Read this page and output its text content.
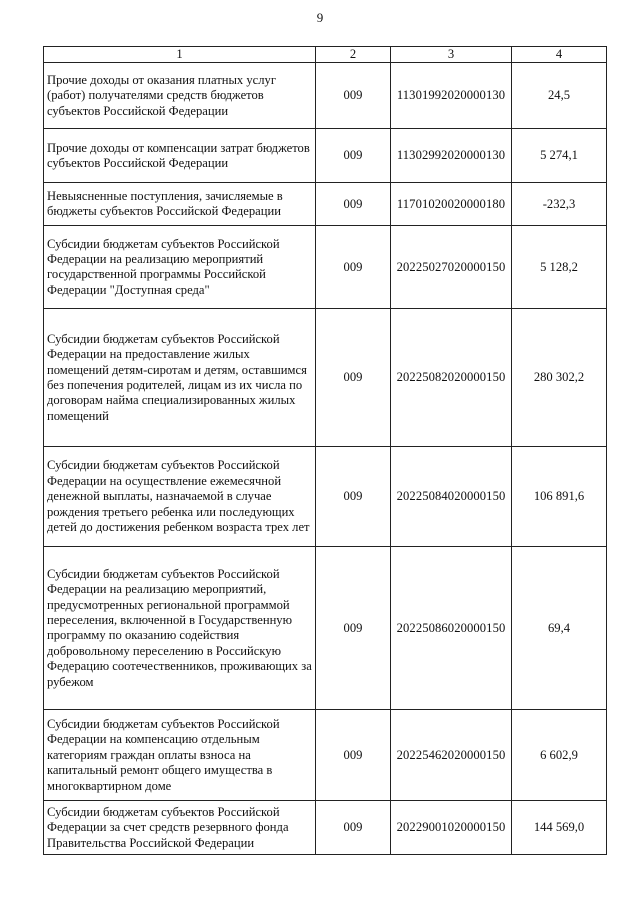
9
1	2	3	4
Прочие доходы от оказания платных услуг (работ) получателями средств бюджетов субъектов Российской Федерации	009	11301992020000130	24,5
Прочие доходы от компенсации затрат бюджетов субъектов Российской Федерации	009	11302992020000130	5 274,1
Невыясненные поступления, зачисляемые в бюджеты субъектов Российской Федерации	009	11701020020000180	-232,3
Субсидии бюджетам субъектов Российской Федерации на реализацию мероприятий государственной программы Российской Федерации "Доступная среда"	009	20225027020000150	5 128,2
Субсидии бюджетам субъектов Российской Федерации на предоставление жилых помещений детям-сиротам и детям, оставшимся без попечения родителей, лицам из их числа по договорам найма специализированных жилых помещений	009	20225082020000150	280 302,2
Субсидии бюджетам субъектов Российской Федерации на осуществление ежемесячной денежной выплаты, назначаемой в случае рождения третьего ребенка или последующих детей до достижения ребенком возраста трех лет	009	20225084020000150	106 891,6
Субсидии бюджетам субъектов Российской Федерации на реализацию мероприятий, предусмотренных региональной программой переселения, включенной в Государственную программу по оказанию содействия добровольному переселению в Российскую Федерацию соотечественников, проживающих за рубежом	009	20225086020000150	69,4
Субсидии бюджетам субъектов Российской Федерации на компенсацию отдельным категориям граждан оплаты взноса на капитальный ремонт общего имущества в многоквартирном доме	009	20225462020000150	6 602,9
Субсидии бюджетам субъектов Российской Федерации за счет средств резервного фонда Правительства Российской Федерации	009	20229001020000150	144 569,0
